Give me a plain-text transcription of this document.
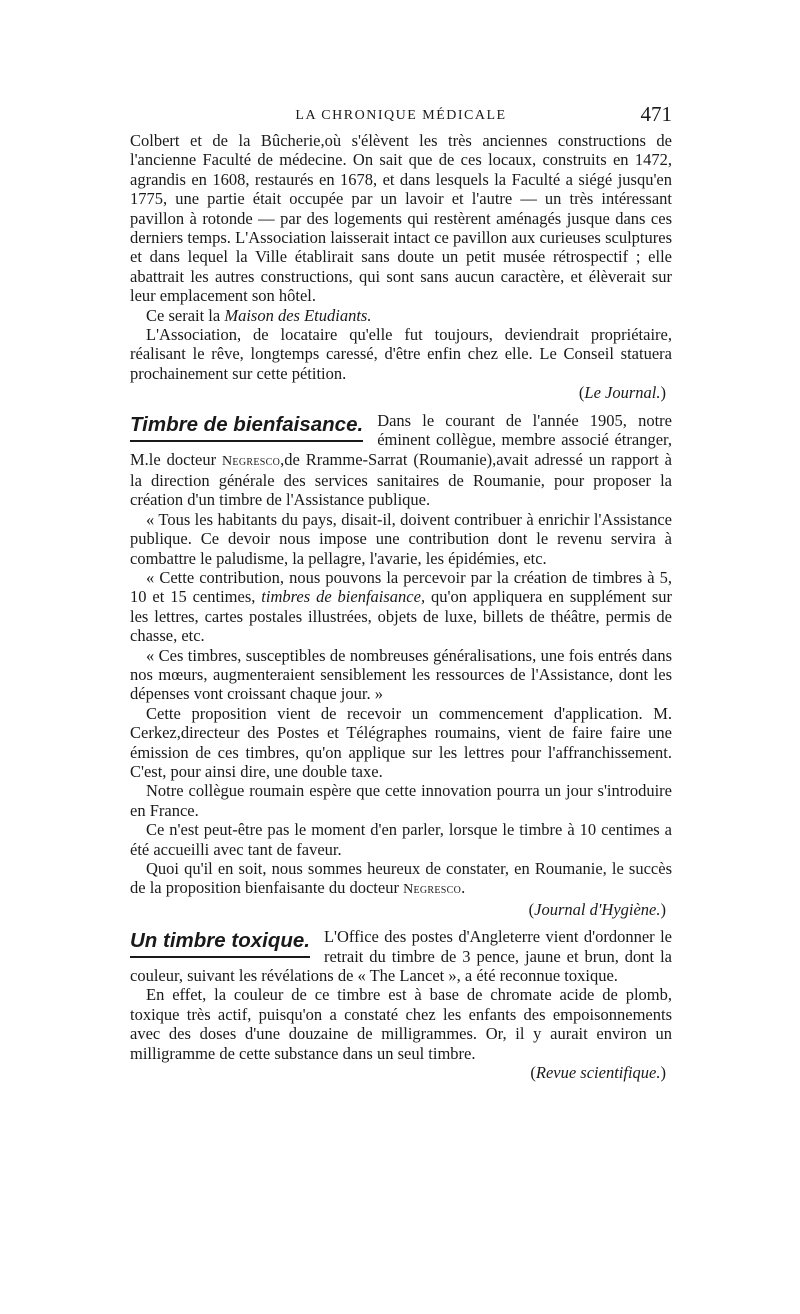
LA CHRONIQUE MÉDICALE	471

Colbert et de la Bûcherie,où s'élèvent les très anciennes constructions de l'ancienne Faculté de médecine. On sait que de ces locaux, construits en 1472, agrandis en 1608, restaurés en 1678, et dans lesquels la Faculté a siégé jusqu'en 1775, une partie était occupée par un lavoir et l'autre — un très intéressant pavillon à rotonde — par des logements qui restèrent aménagés jusque dans ces derniers temps. L'Association laisserait intact ce pavillon aux curieuses sculptures et dans lequel la Ville établirait sans doute un petit musée rétrospectif ; elle abattrait les autres constructions, qui sont sans aucun caractère, et élèverait sur leur emplacement son hôtel.

Ce serait la Maison des Etudiants.

L'Association, de locataire qu'elle fut toujours, deviendrait propriétaire, réalisant le rêve, longtemps caressé, d'être enfin chez elle. Le Conseil statuera prochainement sur cette pétition.

(Le Journal.)

Timbre de bienfaisance. Dans le courant de l'année 1905, notre éminent collègue, membre associé étranger, M.le docteur Negresco,de Rramme-Sarrat (Roumanie),avait adressé un rapport à la direction générale des services sanitaires de Roumanie, pour proposer la création d'un timbre de l'Assistance publique.

« Tous les habitants du pays, disait-il, doivent contribuer à enrichir l'Assistance publique. Ce devoir nous impose une contribution dont le revenu servira à combattre le paludisme, la pellagre, l'avarie, les épidémies, etc.

« Cette contribution, nous pouvons la percevoir par la création de timbres à 5, 10 et 15 centimes, timbres de bienfaisance, qu'on appliquera en supplément sur les lettres, cartes postales illustrées, objets de luxe, billets de théâtre, permis de chasse, etc.

« Ces timbres, susceptibles de nombreuses généralisations, une fois entrés dans nos mœurs, augmenteraient sensiblement les ressources de l'Assistance, dont les dépenses vont croissant chaque jour. »

Cette proposition vient de recevoir un commencement d'application. M. Cerkez,directeur des Postes et Télégraphes roumains, vient de faire faire une émission de ces timbres, qu'on applique sur les lettres pour l'affranchissement. C'est, pour ainsi dire, une double taxe.

Notre collègue roumain espère que cette innovation pourra un jour s'introduire en France.

Ce n'est peut-être pas le moment d'en parler, lorsque le timbre à 10 centimes a été accueilli avec tant de faveur.

Quoi qu'il en soit, nous sommes heureux de constater, en Roumanie, le succès de la proposition bienfaisante du docteur Negresco.

(Journal d'Hygiène.)

Un timbre toxique. L'Office des postes d'Angleterre vient d'ordonner le retrait du timbre de 3 pence, jaune et brun, dont la couleur, suivant les révélations de « The Lancet », a été reconnue toxique.

En effet, la couleur de ce timbre est à base de chromate acide de plomb, toxique très actif, puisqu'on a constaté chez les enfants des empoisonnements avec des doses d'une douzaine de milligrammes. Or, il y aurait environ un milligramme de cette substance dans un seul timbre.

(Revue scientifique.)
